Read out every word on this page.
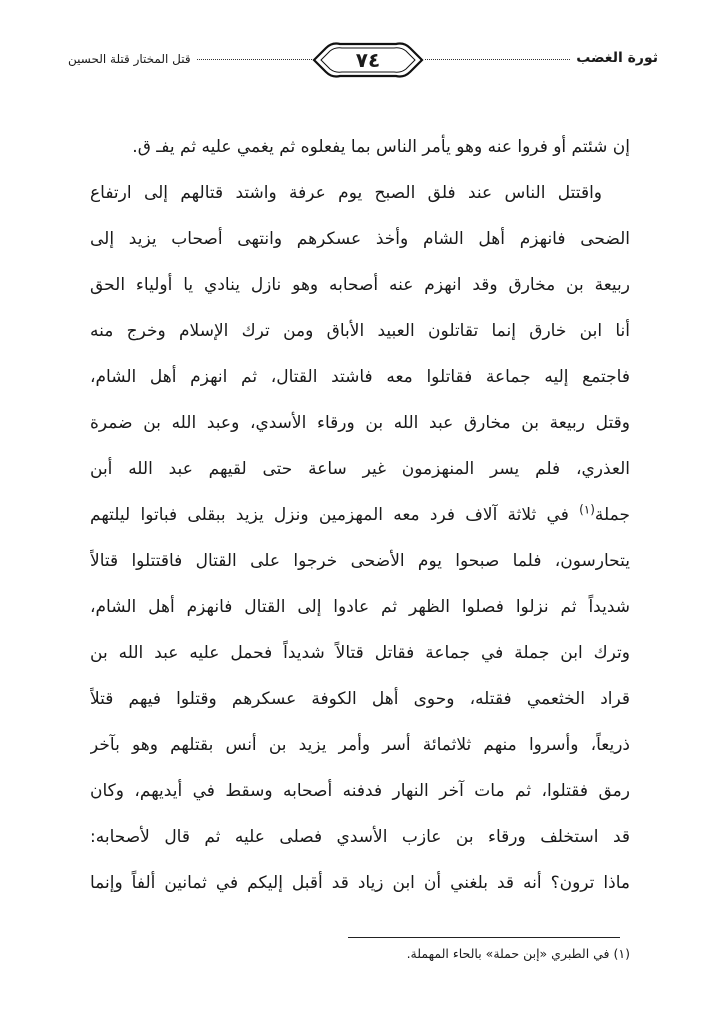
ثورة الغضب
قتل المختار قتلة الحسين	٧٤
إن شئتم أو فروا عنه وهو يأمر الناس بما يفعلوه ثم يغمي عليه ثم يفـ ق.
واقتتل الناس عند فلق الصبح يوم عرفة واشتد قتالهم إلى ارتفاع
الضحى فانهزم أهل الشام وأخذ عسكرهم وانتهى أصحاب يزيد إلى
ربيعة بن مخارق وقد انهزم عنه أصحابه وهو نازل ينادي يا أولياء الحق
أنا ابن خارق إنما تقاتلون العبيد الأباق ومن ترك الإسلام وخرج منه
فاجتمع إليه جماعة فقاتلوا معه فاشتد القتال، ثم انهزم أهل الشام،
وقتل ربيعة بن مخارق عبد الله بن ورقاء الأسدي، وعبد الله بن ضمرة
العذري، فلم يسر المنهزمون غير ساعة حتى لقيهم عبد الله أبن
جملة$^{(١)}$ في ثلاثة آلاف فرد معه المهزمين ونزل يزيد ببقلى فباتوا ليلتهم
يتحارسون، فلما صبحوا يوم الأضحى خرجوا على القتال فاقتتلوا قتالاً
شديداً ثم نزلوا فصلوا الظهر ثم عادوا إلى القتال فانهزم أهل الشام،
وترك ابن جملة في جماعة فقاتل قتالاً شديداً فحمل عليه عبد الله بن
قراد الخثعمي فقتله، وحوى أهل الكوفة عسكرهم وقتلوا فيهم قتلاً
ذريعاً، وأسروا منهم ثلاثمائة أسر وأمر يزيد بن أنس بقتلهم وهو بآخر
رمق فقتلوا، ثم مات آخر النهار فدفنه أصحابه وسقط في أيديهم، وكان
قد استخلف ورقاء بن عازب الأسدي فصلى عليه ثم قال لأصحابه:
ماذا ترون؟ أنه قد بلغني أن ابن زياد قد أقبل إليكم في ثمانين ألفاً وإنما
(١) في الطبري «إبن حملة» بالحاء المهملة.
